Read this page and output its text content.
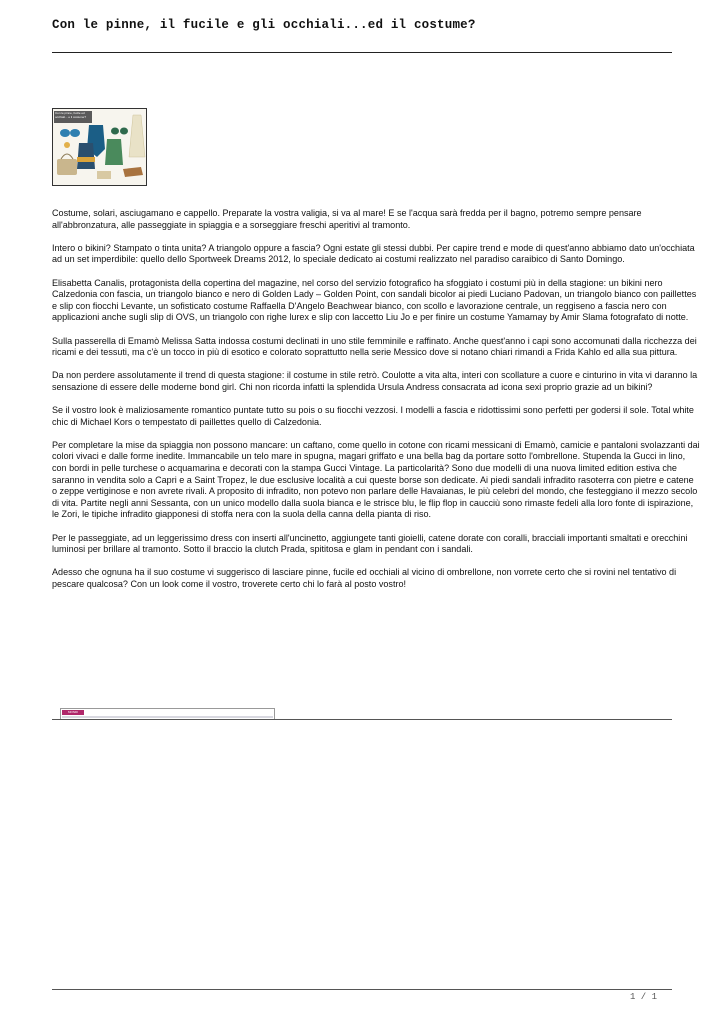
Con le pinne, il fucile e gli occhiali...ed il costume?
Con le pinne, fucile ed occhiali... e il costume?

Costume, solari, asciugamano e cappello. Preparate la vostra valigia, si va al mare! E se l'acqua sarà fredda per il bagno, potremo sempre pensare all'abbronzatura, alle passeggiate in spiaggia e a sorseggiare freschi aperitivi al tramonto.

Intero o bikini? Stampato o tinta unita? A triangolo oppure a fascia? Ogni estate gli stessi dubbi. Per capire trend e mode di quest'anno abbiamo dato un'occhiata ad un set imperdibile: quello dello Sportweek Dreams 2012, lo speciale dedicato ai costumi realizzato nel paradiso caraibico di Santo Domingo.

Elisabetta Canalis, protagonista della copertina del magazine, nel corso del servizio fotografico ha sfoggiato i costumi più in della stagione: un bikini nero Calzedonia con fascia, un triangolo bianco e nero di Golden Lady – Golden Point, con sandali bicolor ai piedi Luciano Padovan, un triangolo bianco con paillettes e slip con fiocchi Levante, un sofisticato costume Raffaella D'Angelo Beachwear bianco, con scollo e lavorazione centrale, un reggiseno a fascia nero con applicazioni anche sugli slip di OVS, un triangolo con righe lurex e slip con laccetto Liu Jo e per finire un costume Yamamay by Amir Slama fotografato di notte.

Sulla passerella di Emamò Melissa Satta indossa costumi declinati in uno stile femminile e raffinato. Anche quest'anno i capi sono accomunati dalla ricchezza dei ricami e dei tessuti, ma c'è un tocco in più di esotico e colorato soprattutto nella serie Messico dove si notano chiari rimandi a Frida Kahlo ed alla sua pittura.

Da non perdere assolutamente il trend di questa stagione: il costume in stile retrò. Coulotte a vita alta, interi con scollature a cuore e cinturino in vita vi daranno la sensazione di essere delle moderne bond girl. Chi non ricorda infatti la splendida Ursula Andress consacrata ad icona sexi proprio grazie ad un bikini?

Se il vostro look è maliziosamente romantico puntate tutto su pois o su fiocchi vezzosi. I modelli a fascia e ridottissimi sono perfetti per godersi il sole. Total white chic di Michael Kors o tempestato di paillettes quello di Calzedonia.

Per completare la mise da spiaggia non possono mancare: un caftano, come quello in cotone con ricami messicani di Emamò, camicie e pantaloni svolazzanti dai colori vivaci e dalle forme inedite. Immancabile un telo mare in spugna, magari griffato e una bella bag da portare sotto l'ombrellone. Stupenda la Gucci in lino, con bordi in pelle turchese o acquamarina e decorati con la stampa Gucci Vintage. La particolarità? Sono due modelli di una nuova limited edition estiva che saranno in vendita solo a Capri e a Saint Tropez, le due esclusive località a cui queste borse son dedicate. Ai piedi sandali infradito rasoterra con pietre e catene o zeppe vertiginose e non avrete rivali. A proposito di infradito, non potevo non parlare delle Havaianas, le più celebri del mondo, che festeggiano il mezzo secolo di vita. Partite negli anni Sessanta, con un unico modello dalla suola bianca e le strisce blu, le flip flop in caucciù sono rimaste fedeli alla loro fonte di ispirazione, le Zori, le tipiche infradito giapponesi di stoffa nera con la suola della canna della pianta di riso.

Per le passeggiate, ad un leggerissimo dress con inserti all'uncinetto, aggiungete tanti gioielli, catene dorate con coralli, bracciali importanti smaltati e orecchini luminosi per brillare al tramonto. Sotto il braccio la clutch Prada, spititosa e glam in pendant con i sandali.

Adesso che ognuna ha il suo costume vi suggerisco di lasciare pinne, fucile ed occhiali al vicino di ombrellone, non vorrete certo che si rovini nel tentativo di pescare qualcosa? Con un look come il vostro, troverete certo chi lo farà al posto vostro!

MONDI
1 / 1
